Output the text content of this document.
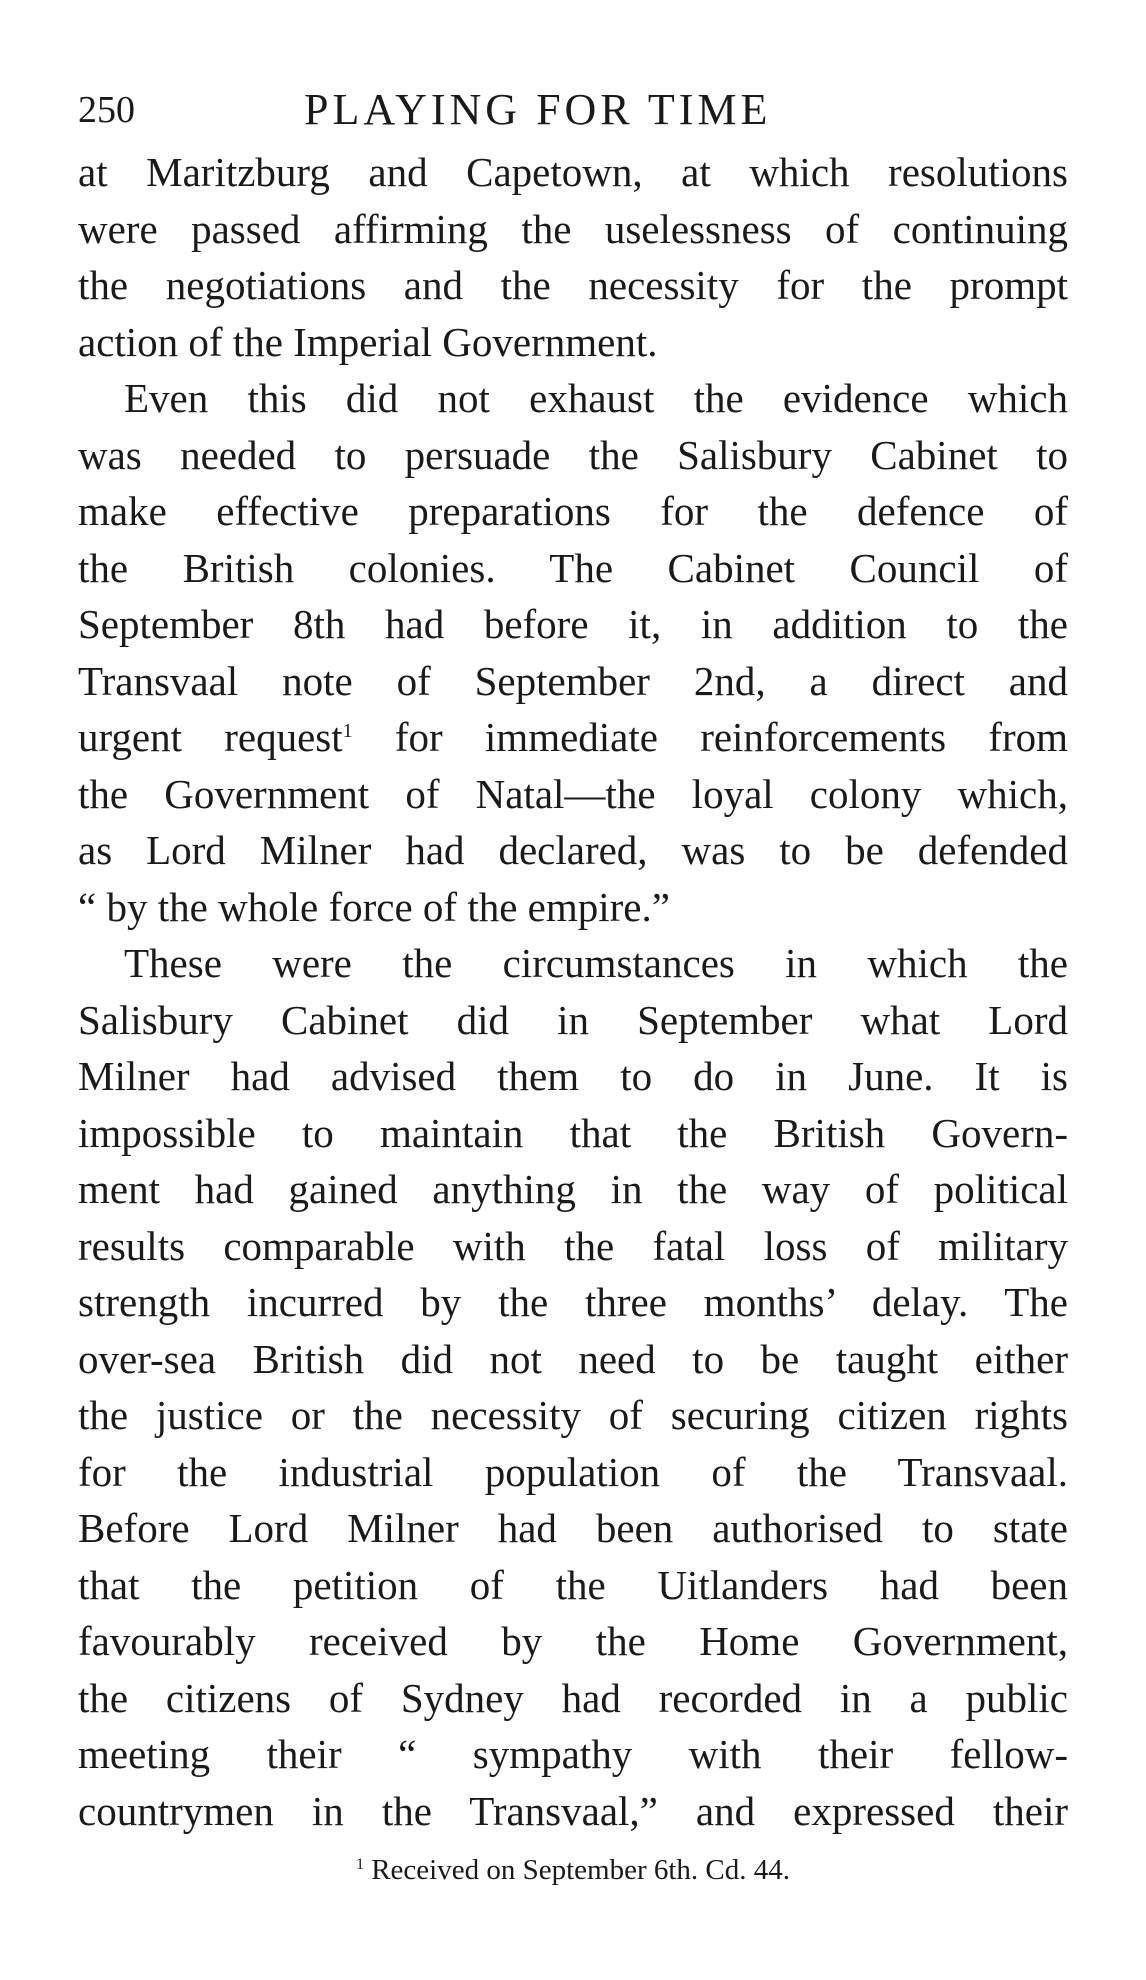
250	PLAYING FOR TIME
at Maritzburg and Capetown, at which resolutions
were passed affirming the uselessness of continuing
the negotiations and the necessity for the prompt
action of the Imperial Government.
Even this did not exhaust the evidence which
was needed to persuade the Salisbury Cabinet to
make effective preparations for the defence of
the British colonies. The Cabinet Council of
September 8th had before it, in addition to the
Transvaal note of September 2nd, a direct and
urgent request$^1$ for immediate reinforcements from
the Government of Natal—the loyal colony which,
as Lord Milner had declared, was to be defended
“ by the whole force of the empire.”
These were the circumstances in which the
Salisbury Cabinet did in September what Lord
Milner had advised them to do in June. It is
impossible to maintain that the British Govern-
ment had gained anything in the way of political
results comparable with the fatal loss of military
strength incurred by the three months’ delay. The
over-sea British did not need to be taught either
the justice or the necessity of securing citizen rights
for the industrial population of the Transvaal.
Before Lord Milner had been authorised to state
that the petition of the Uitlanders had been
favourably received by the Home Government,
the citizens of Sydney had recorded in a public
meeting their “ sympathy with their fellow-
countrymen in the Transvaal,” and expressed their
$^1$ Received on September 6th. Cd. 44.
